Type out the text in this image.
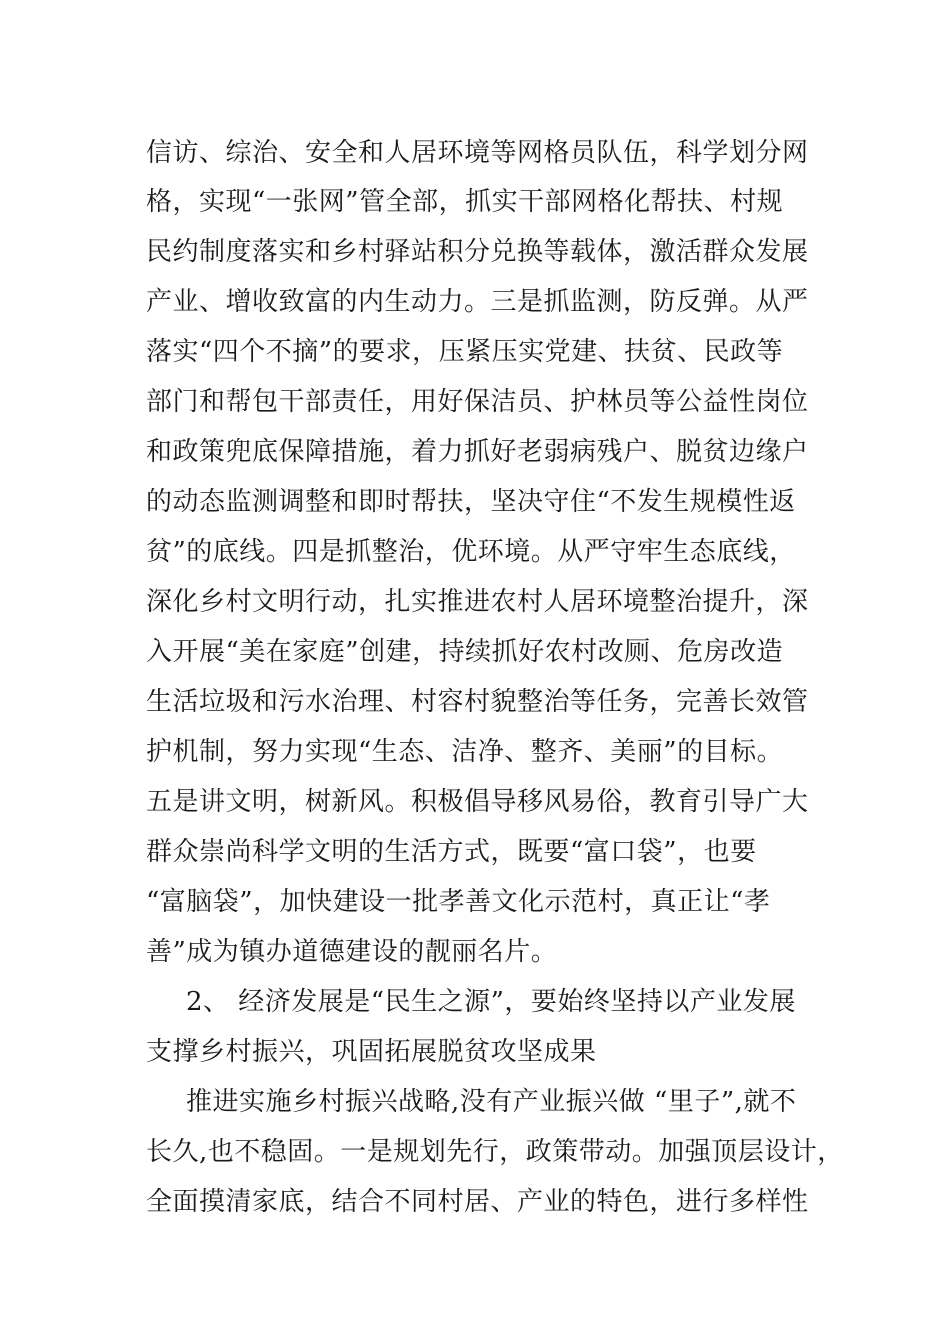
信访、综治、安全和人居环境等网格员队伍，科学划分网
格，实现“一张网”管全部，抓实干部网格化帮扶、村规
民约制度落实和乡村驿站积分兑换等载体，激活群众发展
产业、增收致富的内生动力。三是抓监测，防反弹。从严
落实“四个不摘”的要求，压紧压实党建、扶贫、民政等
部门和帮包干部责任，用好保洁员、护林员等公益性岗位
和政策兜底保障措施，着力抓好老弱病残户、脱贫边缘户
的动态监测调整和即时帮扶，坚决守住“不发生规模性返
贫”的底线。四是抓整治，优环境。从严守牢生态底线，
深化乡村文明行动，扎实推进农村人居环境整治提升，深
入开展“美在家庭”创建，持续抓好农村改厕、危房改造
生活垃圾和污水治理、村容村貌整治等任务，完善长效管
护机制，努力实现“生态、洁净、整齐、美丽”的目标。
五是讲文明，树新风。积极倡导移风易俗，教育引导广大
群众崇尚科学文明的生活方式，既要“富口袋”，也要
“富脑袋”，加快建设一批孝善文化示范村，真正让“孝
善”成为镇办道德建设的靓丽名片。
2、 经济发展是“民生之源”，要始终坚持以产业发展
支撑乡村振兴，巩固拓展脱贫攻坚成果
推进实施乡村振兴战略,没有产业振兴做 “里子”,就不
长久,也不稳固。一是规划先行，政策带动。加强顶层设计，
全面摸清家底，结合不同村居、产业的特色，进行多样性
